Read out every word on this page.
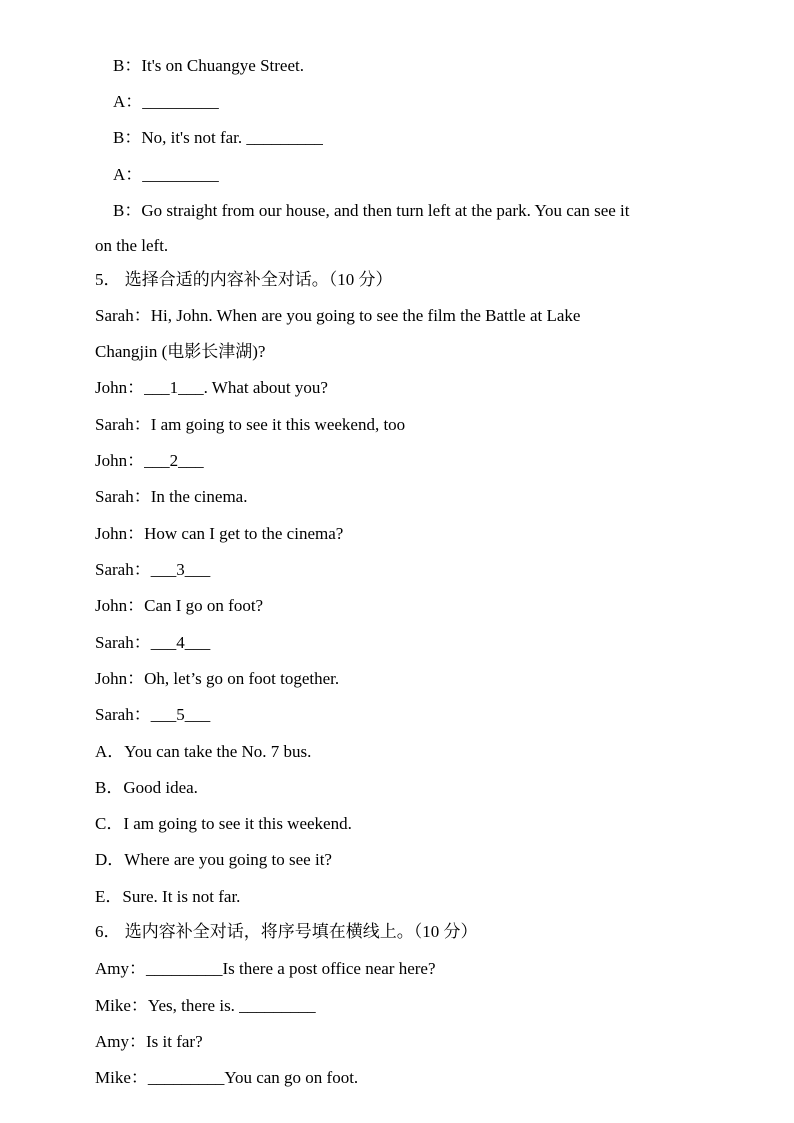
B：It's on Chuangye Street.
A：_________
B：No, it's not far. _________
A：_________
B：Go straight from our house, and then turn left at the park. You can see it
on the left.
5． 选择合适的内容补全对话。（10 分）
Sarah：Hi, John. When are you going to see the film the Battle at Lake
Changjin (电影长津湖)?
John：___1___. What about you?
Sarah：I am going to see it this weekend, too
John：___2___
Sarah：In the cinema.
John：How can I get to the cinema?
Sarah：___3___
John：Can I go on foot?
Sarah：___4___
John：Oh, let’s go on foot together.
Sarah：___5___
A．You can take the No. 7 bus.
B．Good idea.
C．I am going to see it this weekend.
D．Where are you going to see it?
E．Sure. It is not far.
6． 选内容补全对话，将序号填在横线上。（10 分）
Amy：_________Is there a post office near here?
Mike：Yes, there is. _________
Amy：Is it far?
Mike：_________You can go on foot.
